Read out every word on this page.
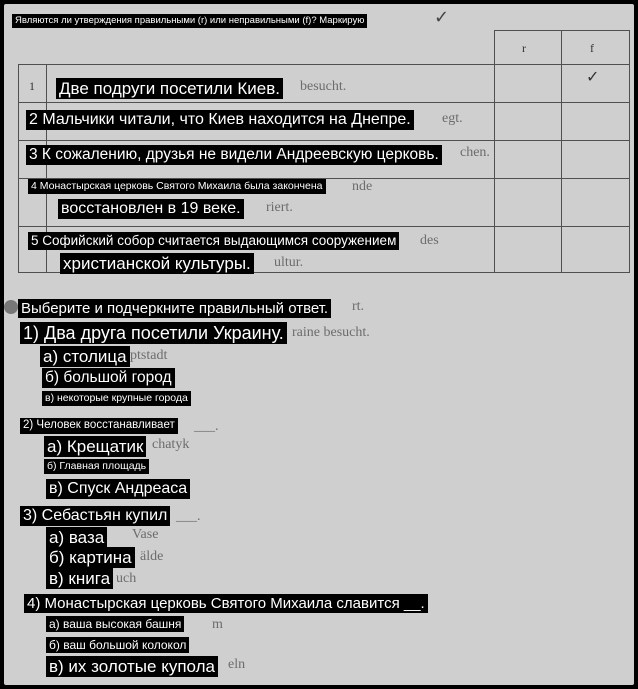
✓
r	f
1	✓
besucht.
egt.
chen.
nde
riert.
des
ultur.
rt.
raine besucht.
ptstadt
___.
chatyk
___.
Vase
älde
uch
m
eln
Являются ли утверждения правильными (r) или неправильными (f)? Маркирую
Две подруги посетили Киев.
2 Мальчики читали, что Киев находится на Днепре.
3 К сожалению, друзья не видели Андреевскую церковь.
4 Монастырская церковь Святого Михаила была закончена
восстановлен в 19 веке.
5 Софийский собор считается выдающимся сооружением
христианской культуры.
Выберите и подчеркните правильный ответ.
1) Два друга посетили Украину.
а) столица
б) большой город
в) некоторые крупные города
2) Человек восстанавливает
а) Крещатик
б) Главная площадь
в) Спуск Андреаса
3) Себастьян купил
а) ваза
б) картина
в) книга
4) Монастырская церковь Святого Михаила славится __.
а) ваша высокая башня
б) ваш большой колокол
в) их золотые купола
